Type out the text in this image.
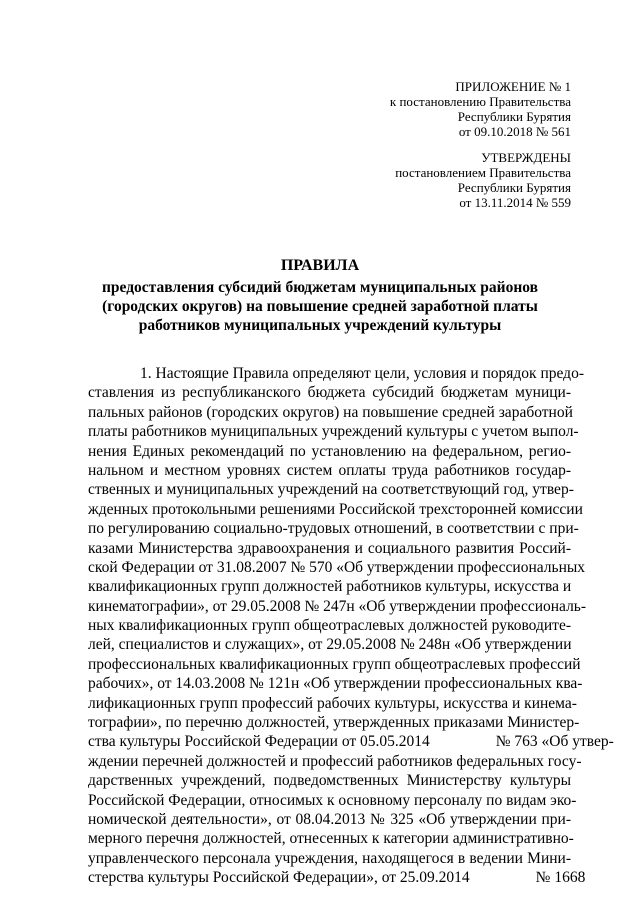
ПРИЛОЖЕНИЕ № 1
к постановлению Правительства
Республики Бурятия
от 09.10.2018 № 561
УТВЕРЖДЕНЫ
постановлением Правительства
Республики Бурятия
от 13.11.2014 № 559
ПРАВИЛА
предоставления субсидий бюджетам муниципальных районов
(городских округов) на повышение средней заработной платы
работников муниципальных учреждений культуры
1. Настоящие Правила определяют цели, условия и порядок предо-
ставления из республиканского бюджета субсидий бюджетам муници-
пальных районов (городских округов) на повышение средней заработной
платы работников муниципальных учреждений культуры с учетом выпол-
нения Единых рекомендаций по установлению на федеральном, регио-
нальном и местном уровнях систем оплаты труда работников государ-
ственных и муниципальных учреждений на соответствующий год, утвер-
жденных протокольными решениями Российской трехсторонней комиссии
по регулированию социально-трудовых отношений, в соответствии с при-
казами Министерства здравоохранения и социального развития Россий-
ской Федерации от 31.08.2007 № 570 «Об утверждении профессиональных
квалификационных групп должностей работников культуры, искусства и
кинематографии», от 29.05.2008 № 247н «Об утверждении профессиональ-
ных квалификационных групп общеотраслевых должностей руководите-
лей, специалистов и служащих», от 29.05.2008 № 248н «Об утверждении
профессиональных квалификационных групп общеотраслевых профессий
рабочих», от 14.03.2008 № 121н «Об утверждении профессиональных ква-
лификационных групп профессий рабочих культуры, искусства и кинема-
тографии», по перечню должностей, утвержденных приказами Министер-
ства культуры Российской Федерации от 05.05.2014	№ 763 «Об утвер-
ждении перечней должностей и профессий работников федеральных госу-
дарственных учреждений, подведомственных Министерству культуры
Российской Федерации, относимых к основному персоналу по видам эко-
номической деятельности», от 08.04.2013 № 325 «Об утверждении при-
мерного перечня должностей, отнесенных к категории административно-
управленческого персонала учреждения, находящегося в ведении Мини-
стерства культуры Российской Федерации», от 25.09.2014	№ 1668
